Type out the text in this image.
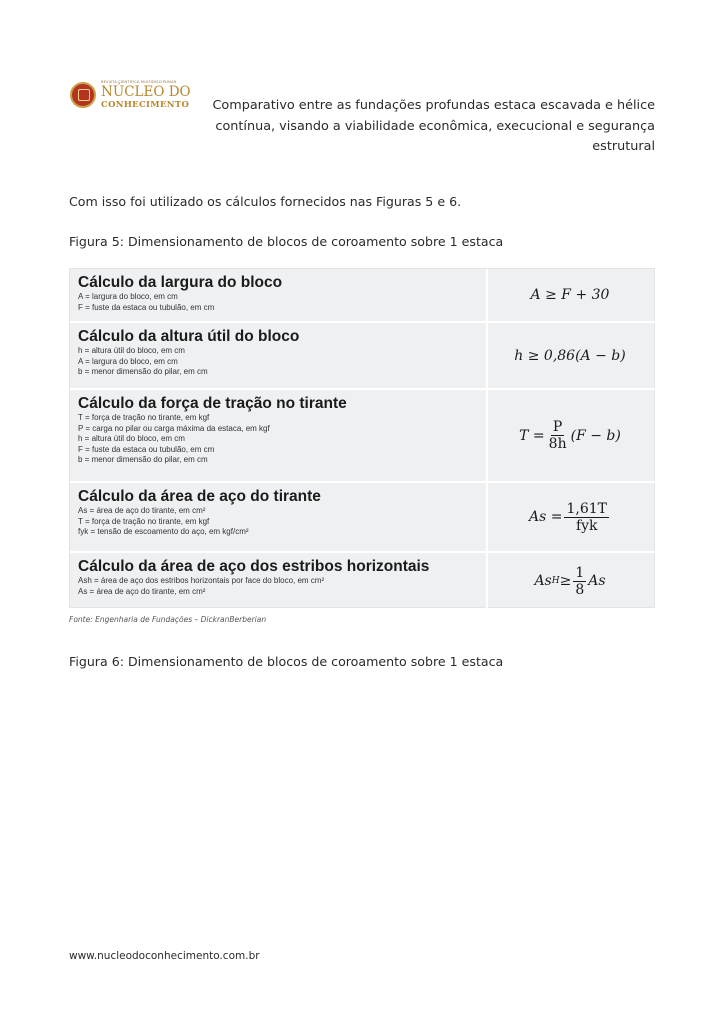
REVISTA CIENTÍFICA MULTIDISCIPLINAR
NÚCLEO DO
CONHECIMENTO	Comparativo entre as fundações profundas estaca escavada e hélice
contínua, visando a viabilidade econômica, execucional e segurança
estrutural
Com isso foi utilizado os cálculos fornecidos nas Figuras 5 e 6.
Figura 5: Dimensionamento de blocos de coroamento sobre 1 estaca
Cálculo da largura do bloco
A = largura do bloco, em cm
F = fuste da estaca ou tubulão, em cm
A ≥ F + 30
Cálculo da altura útil do bloco
h = altura útil do bloco, em cm
A = largura do bloco, em cm
b = menor dimensão do pilar, em cm
h ≥ 0,86(A − b)
Cálculo da força de tração no tirante
T = força de tração no tirante, em kgf
P = carga no pilar ou carga máxima da estaca, em kgf
h = altura útil do bloco, em cm
F = fuste da estaca ou tubulão, em cm
b = menor dimensão do pilar, em cm
$T = \frac{P}{8h} (F - b)$
Cálculo da área de aço do tirante
As = área de aço do tirante, em cm²
T = força de tração no tirante, em kgf
fyk = tensão de escoamento do aço, em kgf/cm²
$As = \frac{1,61T}{\text{fyk}}$
Cálculo da área de aço dos estribos horizontais
Ash = área de aço dos estribos horizontais por face do bloco, em cm²
As = área de aço do tirante, em cm²
As $H \ge \frac{1}{8}$ As
Fonte: Engenharia de Fundações – DickranBerberian
Figura 6: Dimensionamento de blocos de coroamento sobre 1 estaca
www.nucleodoconhecimento.com.br
